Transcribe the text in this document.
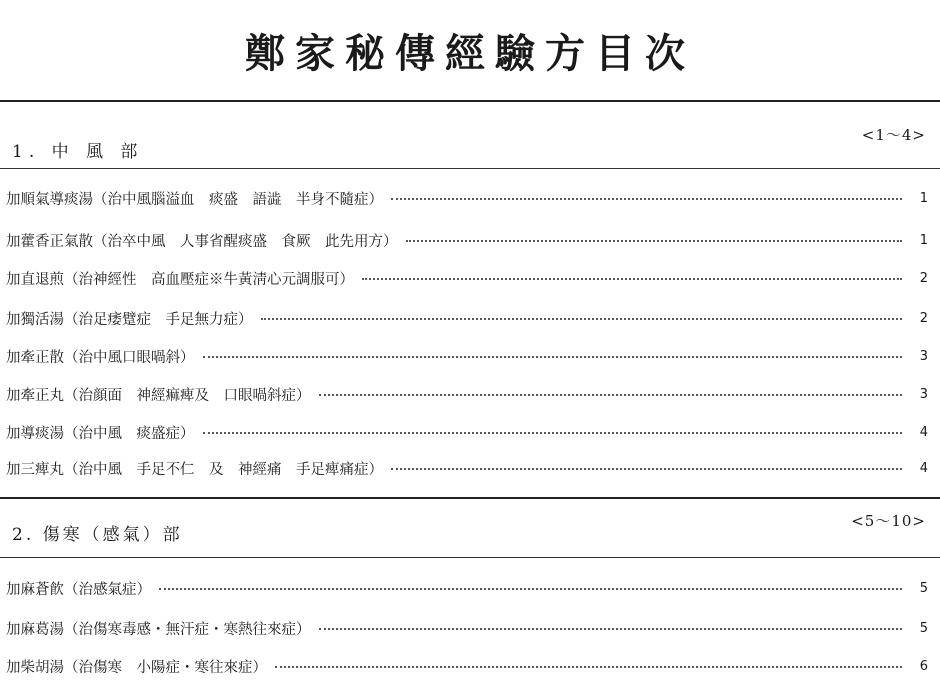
鄭家秘傳經驗方目次
1. 中 風 部
<1～4>
加順氣導痰湯（治中風腦溢血　痰盛　語澁　半身不隨症）	1
加藿香正氣散（治卒中風　人事省醒痰盛　食厥　此先用方）	1
加直退煎（治神經性　高血壓症※牛黃淸心元調服可）	2
加獨活湯（治足痿躄症　手足無力症）	2
加牽正散（治中風口眼喎斜）	3
加牽正丸（治顔面　神經痲痺及　口眼喎斜症）	3
加導痰湯（治中風　痰盛症）	4
加三痺丸（治中風　手足不仁　及　神經痛　手足痺痛症）	4
2. 傷寒（感氣）部
<5～10>
加麻蒼飮（治感氣症）	5
加麻葛湯（治傷寒毒感・無汗症・寒熱往來症）	5
加柴胡湯（治傷寒　小陽症・寒往來症）	6
